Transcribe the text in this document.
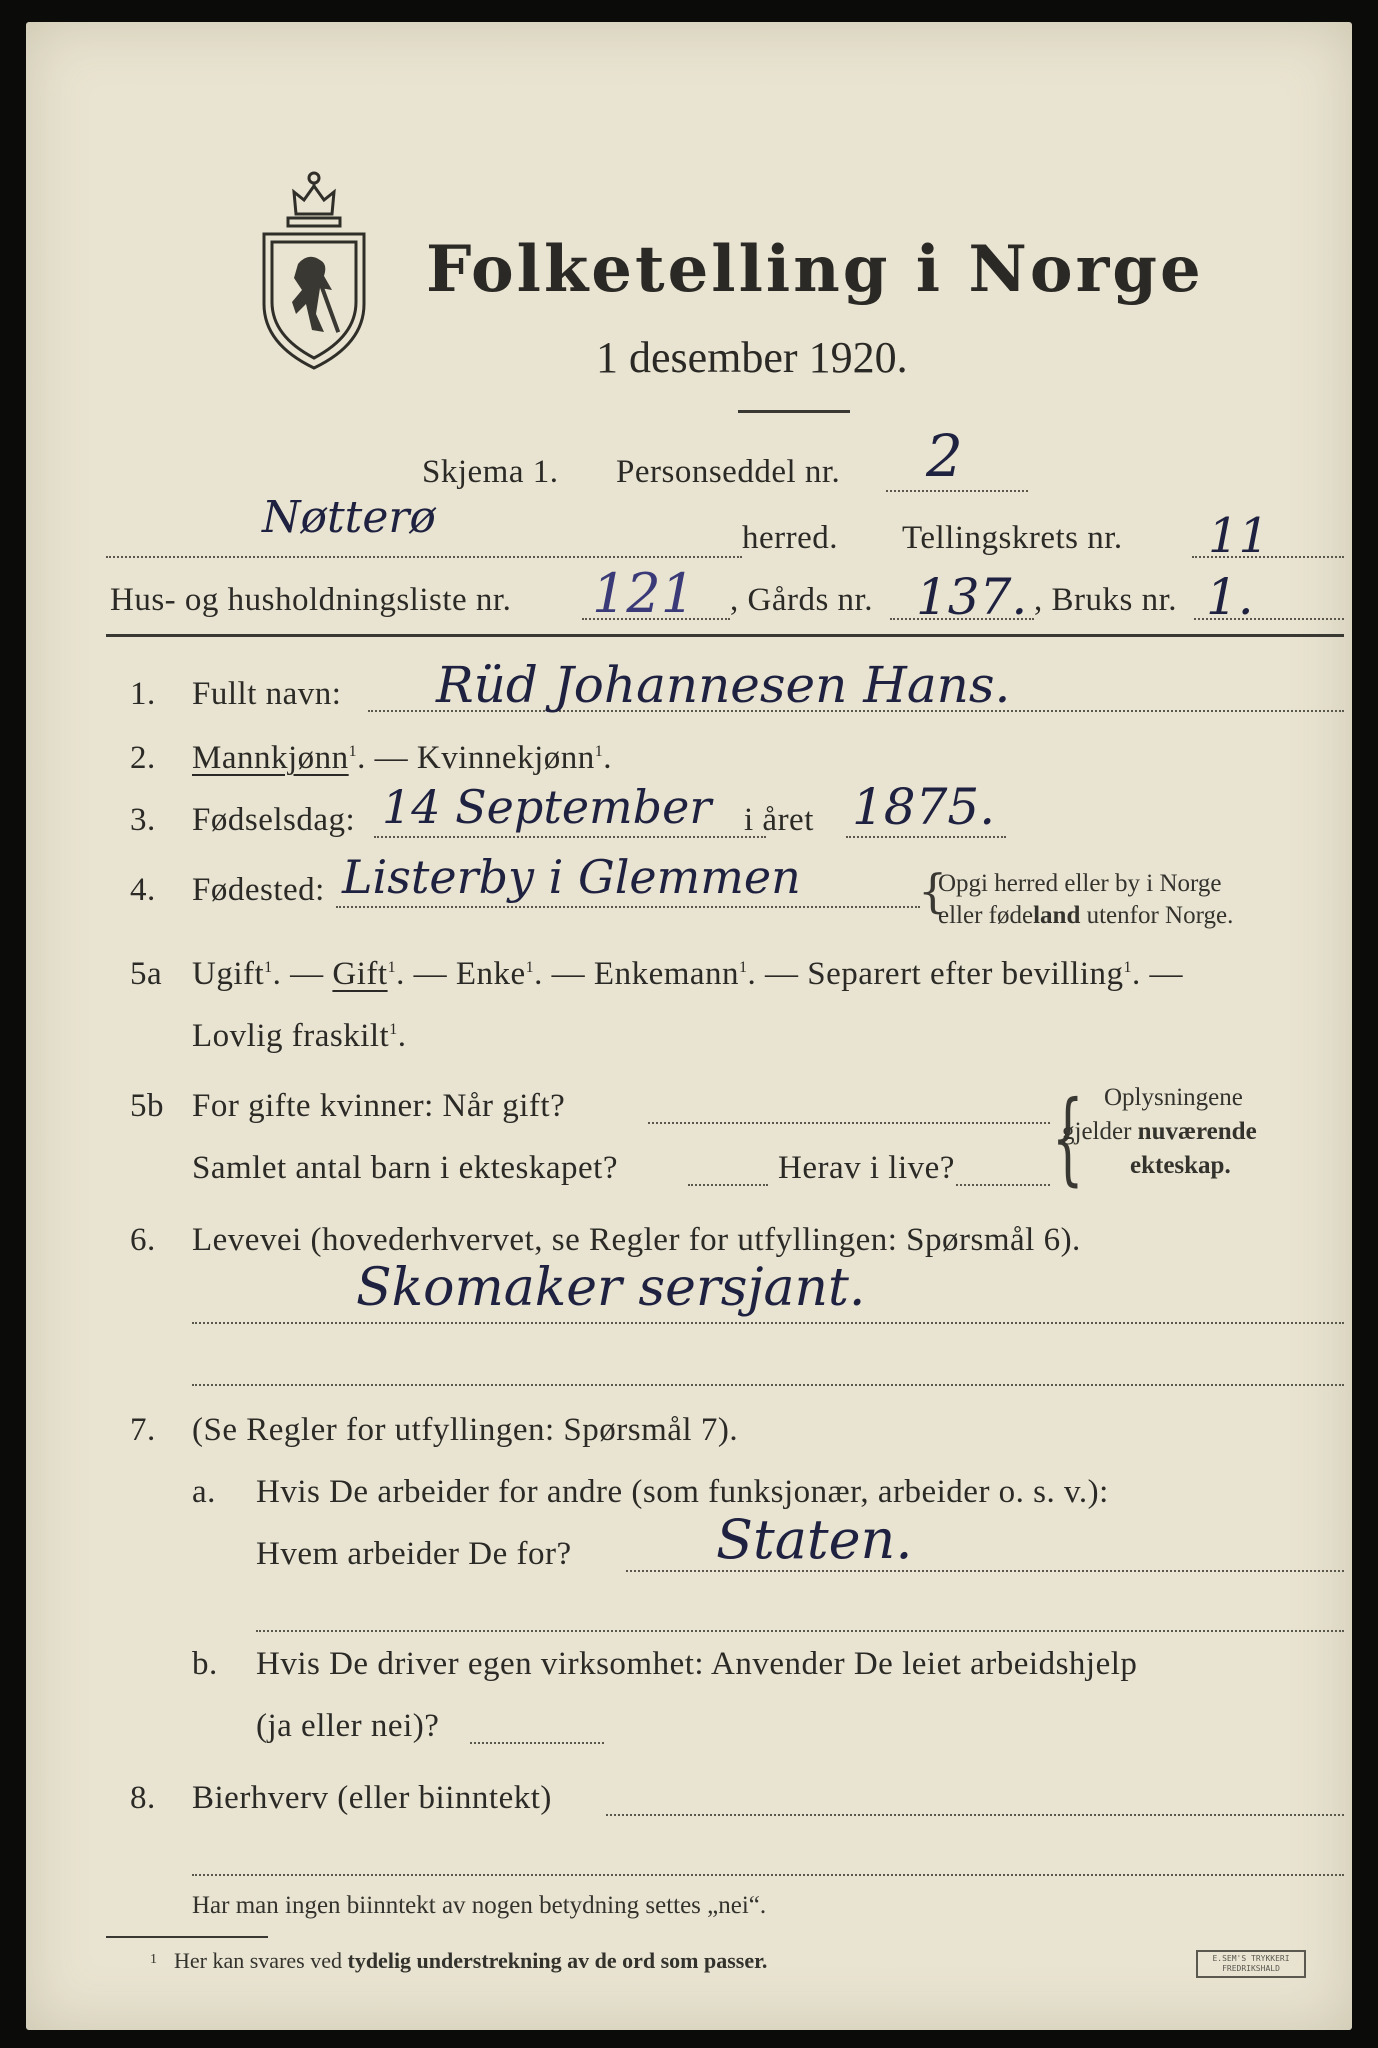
Folketelling i Norge
1 desember 1920.
Skjema 1. Personseddel nr. 2
Nøtterø	herred. Tellingskrets nr. 11
Hus- og husholdningsliste nr. 121 , Gårds nr. 137. , Bruks nr. 1.
1. Fullt navn: Rüd Johannesen Hans.
2. Mannkjønn$^1$. — Kvinnekjønn$^1$.
3. Fødselsdag: 14 September i året 1875.
4. Fødested: Listerby i Glemmen	{
Opgi herred eller by i Norge
eller fødeland utenfor Norge.
5a Ugift$^1$. — Gift$^1$. — Enke$^1$. — Enkemann$^1$. — Separert efter bevilling$^1$. —
Lovlig fraskilt$^1$.
5b For gifte kvinner: Når gift?
Samlet antal barn i ekteskapet?	Herav i live? { Oplysningene
gjelder nuværende
ekteskap.
6. Levevei (hovederhvervet, se Regler for utfyllingen: Spørsmål 6).
Skomaker sersjant.
7. (Se Regler for utfyllingen: Spørsmål 7).
a. Hvis De arbeider for andre (som funksjonær, arbeider o. s. v.):
Hvem arbeider De for?	Staten.
b. Hvis De driver egen virksomhet: Anvender De leiet arbeidshjelp
(ja eller nei)?
8. Bierhverv (eller biinntekt)
Har man ingen biinntekt av nogen betydning settes „nei“.
1 Her kan svares ved tydelig understrekning av de ord som passer.	E.SEM'S TRYKKERI
FREDRIKSHALD
